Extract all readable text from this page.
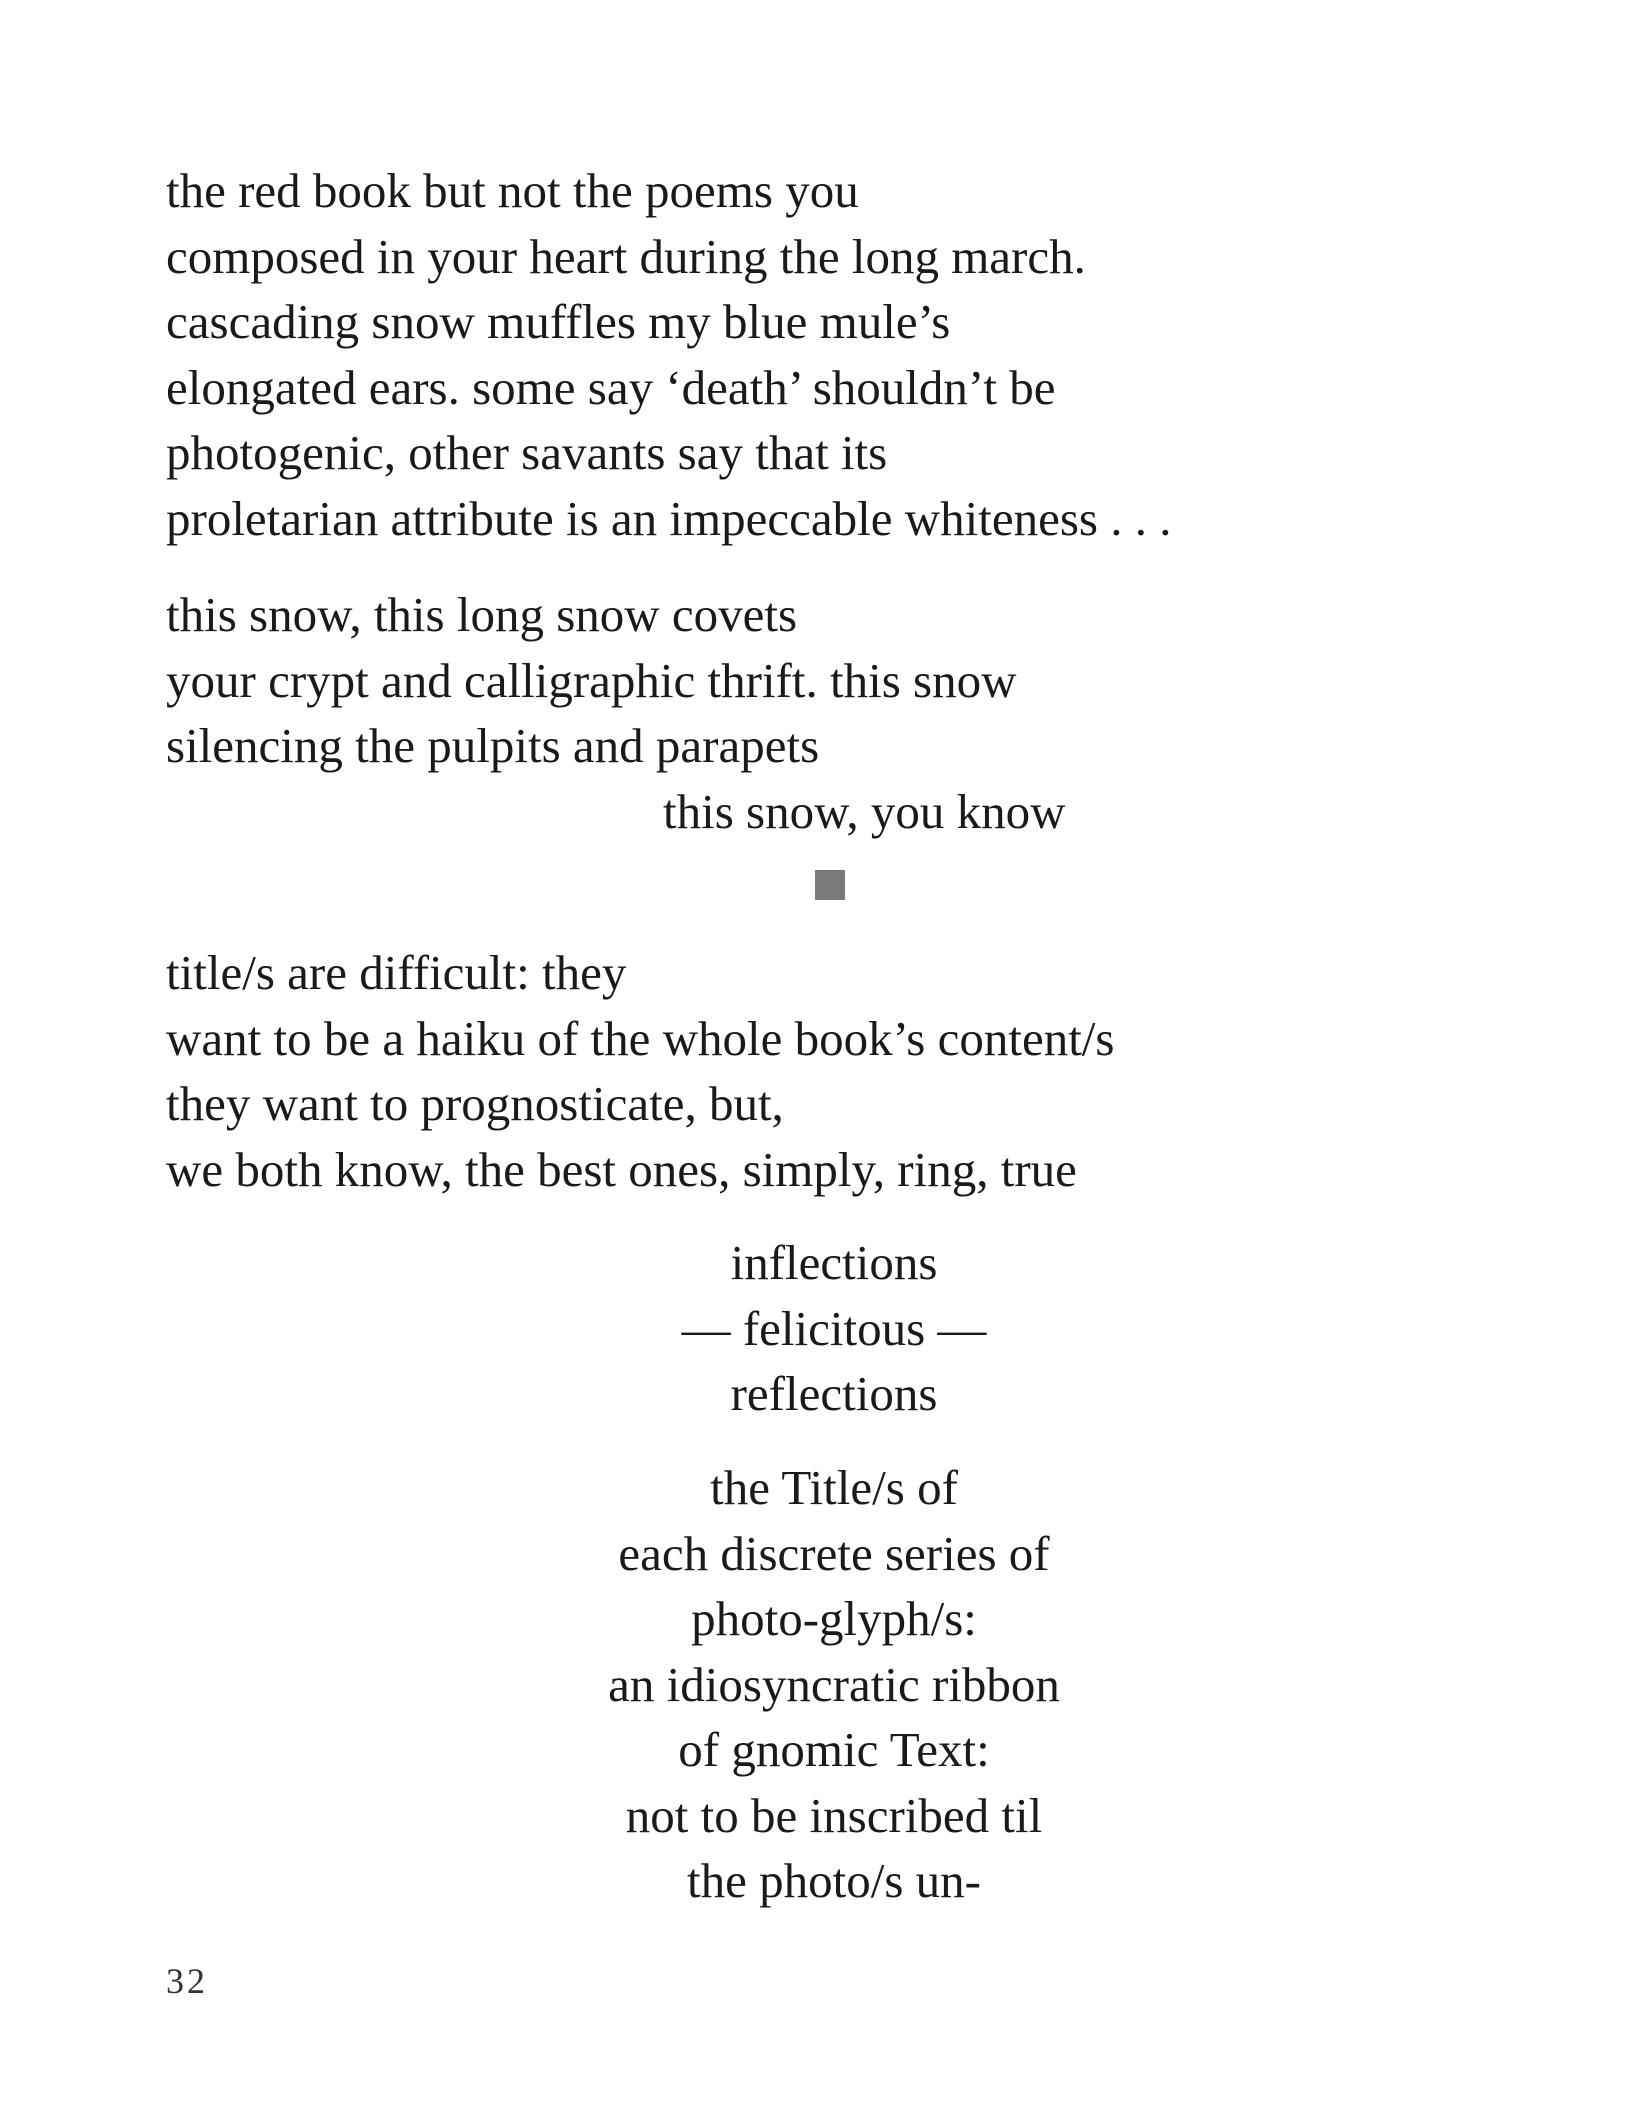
the red book but not the poems you
composed in your heart during the long march.
cascading snow muffles my blue mule’s
elongated ears. some say ‘death’ shouldn’t be
photogenic, other savants say that its
proletarian attribute is an impeccable whiteness . . .
this snow, this long snow covets
your crypt and calligraphic thrift. this snow
silencing the pulpits and parapets
this snow, you know
title/s are difficult: they
want to be a haiku of the whole book’s content/s
they want to prognosticate, but,
we both know, the best ones, simply, ring, true
inflections
— felicitous —
reflections
the Title/s of
each discrete series of
photo-glyph/s:
an idiosyncratic ribbon
of gnomic Text:
not to be inscribed til
the photo/s un-
32
